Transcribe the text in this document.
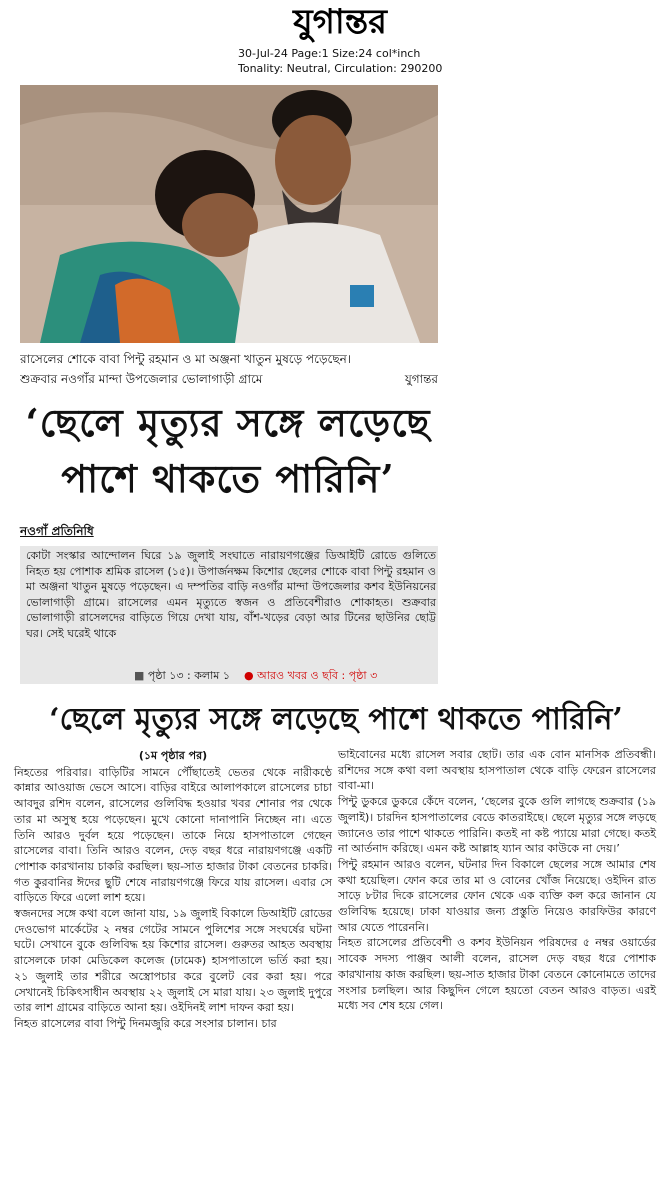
যুগান্তর
30-Jul-24 Page:1 Size:24 col*inch
Tonality: Neutral, Circulation: 290200
রাসেলের শোকে বাবা পিন্টু রহমান ও মা অঞ্জনা খাতুন মুষড়ে পড়েছেন।
শুক্রবার নওগাঁর মান্দা উপজেলার ভোলাগাড়ী গ্রামে	যুগান্তর
‘ছেলে মৃত্যুর সঙ্গে লড়েছে
পাশে থাকতে পারিনি’
নওগাঁ প্রতিনিধি
কোটা সংস্কার আন্দোলন ঘিরে ১৯ জুলাই সংঘাতে নারায়ণগঞ্জের ডিআইটি রোডে গুলিতে নিহত হয় পোশাক শ্রমিক রাসেল (১৫)। উপার্জনক্ষম কিশোর ছেলের শোকে বাবা পিন্টু রহমান ও মা অঞ্জনা খাতুন মুষড়ে পড়েছেন। এ দম্পতির বাড়ি নওগাঁর মান্দা উপজেলার কশব ইউনিয়নের ভোলাগাড়ী গ্রামে। রাসেলের এমন মৃত্যুতে স্বজন ও প্রতিবেশীরাও শোকাহত। শুক্রবার ভোলাগাড়ী রাসেলদের বাড়িতে গিয়ে দেখা যায়, বাঁশ-খড়ের বেড়া আর টিনের ছাউনির ছোট্ট ঘর। সেই ঘরেই থাকে
■ পৃষ্ঠা ১৩ : কলাম ১ ● আরও খবর ও ছবি : পৃষ্ঠা ৩
‘ছেলে মৃত্যুর সঙ্গে লড়েছে পাশে থাকতে পারিনি’

(১ম পৃষ্ঠার পর)

নিহতের পরিবার। বাড়িটির সামনে পৌঁছাতেই ভেতর থেকে নারীকণ্ঠে কান্নার আওয়াজ ভেসে আসে। বাড়ির বাইরে আলাপকালে রাসেলের চাচা আবদুর রশিদ বলেন, রাসেলের গুলিবিদ্ধ হওয়ার খবর শোনার পর থেকে তার মা অসুস্থ হয়ে পড়েছেন। মুখে কোনো দানাপানি নিচ্ছেন না। এতে তিনি আরও দুর্বল হয়ে পড়েছেন। তাকে নিয়ে হাসপাতালে গেছেন রাসেলের বাবা। তিনি আরও বলেন, দেড় বছর ধরে নারায়ণগঞ্জে একটি পোশাক কারখানায় চাকরি করছিল। ছয়-সাত হাজার টাকা বেতনের চাকরি। গত কুরবানির ঈদের ছুটি শেষে নারায়ণগঞ্জে ফিরে যায় রাসেল। এবার সে বাড়িতে ফিরে এলো লাশ হয়ে।

স্বজনদের সঙ্গে কথা বলে জানা যায়, ১৯ জুলাই বিকালে ডিআইটি রোডের দেওভোগ মার্কেটের ২ নম্বর গেটের সামনে পুলিশের সঙ্গে সংঘর্ষের ঘটনা ঘটে। সেখানে বুকে গুলিবিদ্ধ হয় কিশোর রাসেল। গুরুতর আহত অবস্থায় রাসেলকে ঢাকা মেডিকেল কলেজ (ঢামেক) হাসপাতালে ভর্তি করা হয়। ২১ জুলাই তার শরীরে অস্ত্রোপচার করে বুলেট বের করা হয়। পরে সেখানেই চিকিৎসাধীন অবস্থায় ২২ জুলাই সে মারা যায়। ২৩ জুলাই দুপুরে তার লাশ গ্রামের বাড়িতে আনা হয়। ওইদিনই লাশ দাফন করা হয়।

নিহত রাসেলের বাবা পিন্টু দিনমজুরি করে সংসার চালান। চার

ভাইবোনের মধ্যে রাসেল সবার ছোট। তার এক বোন মানসিক প্রতিবন্ধী। রশিদের সঙ্গে কথা বলা অবস্থায় হাসপাতাল থেকে বাড়ি ফেরেন রাসেলের বাবা-মা।

পিন্টু ডুকরে ডুকরে কেঁদে বলেন, ‘ছেলের বুকে গুলি লাগছে শুক্রবার (১৯ জুলাই)। চারদিন হাসপাতালের বেডে কাতরাইছে। ছেলে মৃত্যুর সঙ্গে লড়ছে জ্যানেও তার পাশে থাকতে পারিনি। কতই না কষ্ট প্যায়ে মারা গেছে। কতই না আর্তনাদ করিছে। এমন কষ্ট আল্লাহ য্যান আর কাউকে না দেয়।’

পিন্টু রহমান আরও বলেন, ঘটনার দিন বিকালে ছেলের সঙ্গে আমার শেষ কথা হয়েছিল। ফোন করে তার মা ও বোনের খোঁজ নিয়েছে। ওইদিন রাত সাড়ে ৮টার দিকে রাসেলের ফোন থেকে এক ব্যক্তি কল করে জানান যে গুলিবিদ্ধ হয়েছে। ঢাকা যাওয়ার জন্য প্রস্তুতি নিয়েও কারফিউর কারণে আর যেতে পারেননি।

নিহত রাসেলের প্রতিবেশী ও কশব ইউনিয়ন পরিষদের ৫ নম্বর ওয়ার্ডের সাবেক সদস্য পাঞ্জব আলী বলেন, রাসেল দেড় বছর ধরে পোশাক কারখানায় কাজ করছিল। ছয়-সাত হাজার টাকা বেতনে কোনোমতে তাদের সংসার চলছিল। আর কিছুদিন গেলে হয়তো বেতন আরও বাড়ত। এরই মধ্যে সব শেষ হয়ে গেল।
